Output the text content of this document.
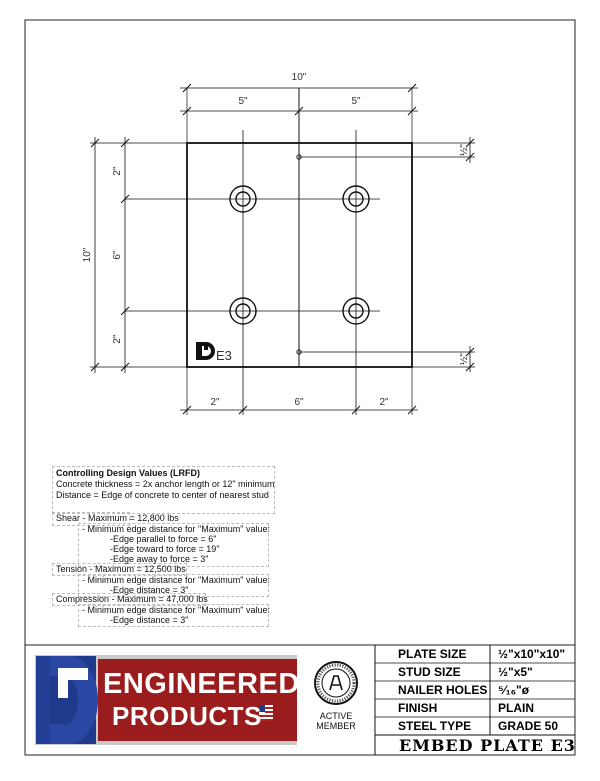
10"
5"	5"
2"	6"	2"
10"
2"
6"
2"
½"
½"
E3
Controlling Design Values (LRFD)
Concrete thickness = 2x anchor length or 12" minimum
Distance = Edge of concrete to center of nearest stud
Shear - Maximum = 12,800 lbs
- Minimum edge distance for "Maximum" value:
-Edge parallel to force = 6"
-Edge toward to force = 19"
-Edge away to force = 3"
Tension - Maximum = 12,500 lbs
- Minimum edge distance for "Maximum" value:
-Edge distance = 3"
Compression - Maximum = 47,000 lbs
- Minimum edge distance for "Maximum" value:
-Edge distance = 3"
ENGINEERED
PRODUCTS	ACTIVE
MEMBER
PLATE SIZE	½"x10"x10"
STUD SIZE	½"x5"
NAILER HOLES ⁵⁄₁₆"ø
FINISH	PLAIN
STEEL TYPE GRADE 50
EMBED PLATE E3
